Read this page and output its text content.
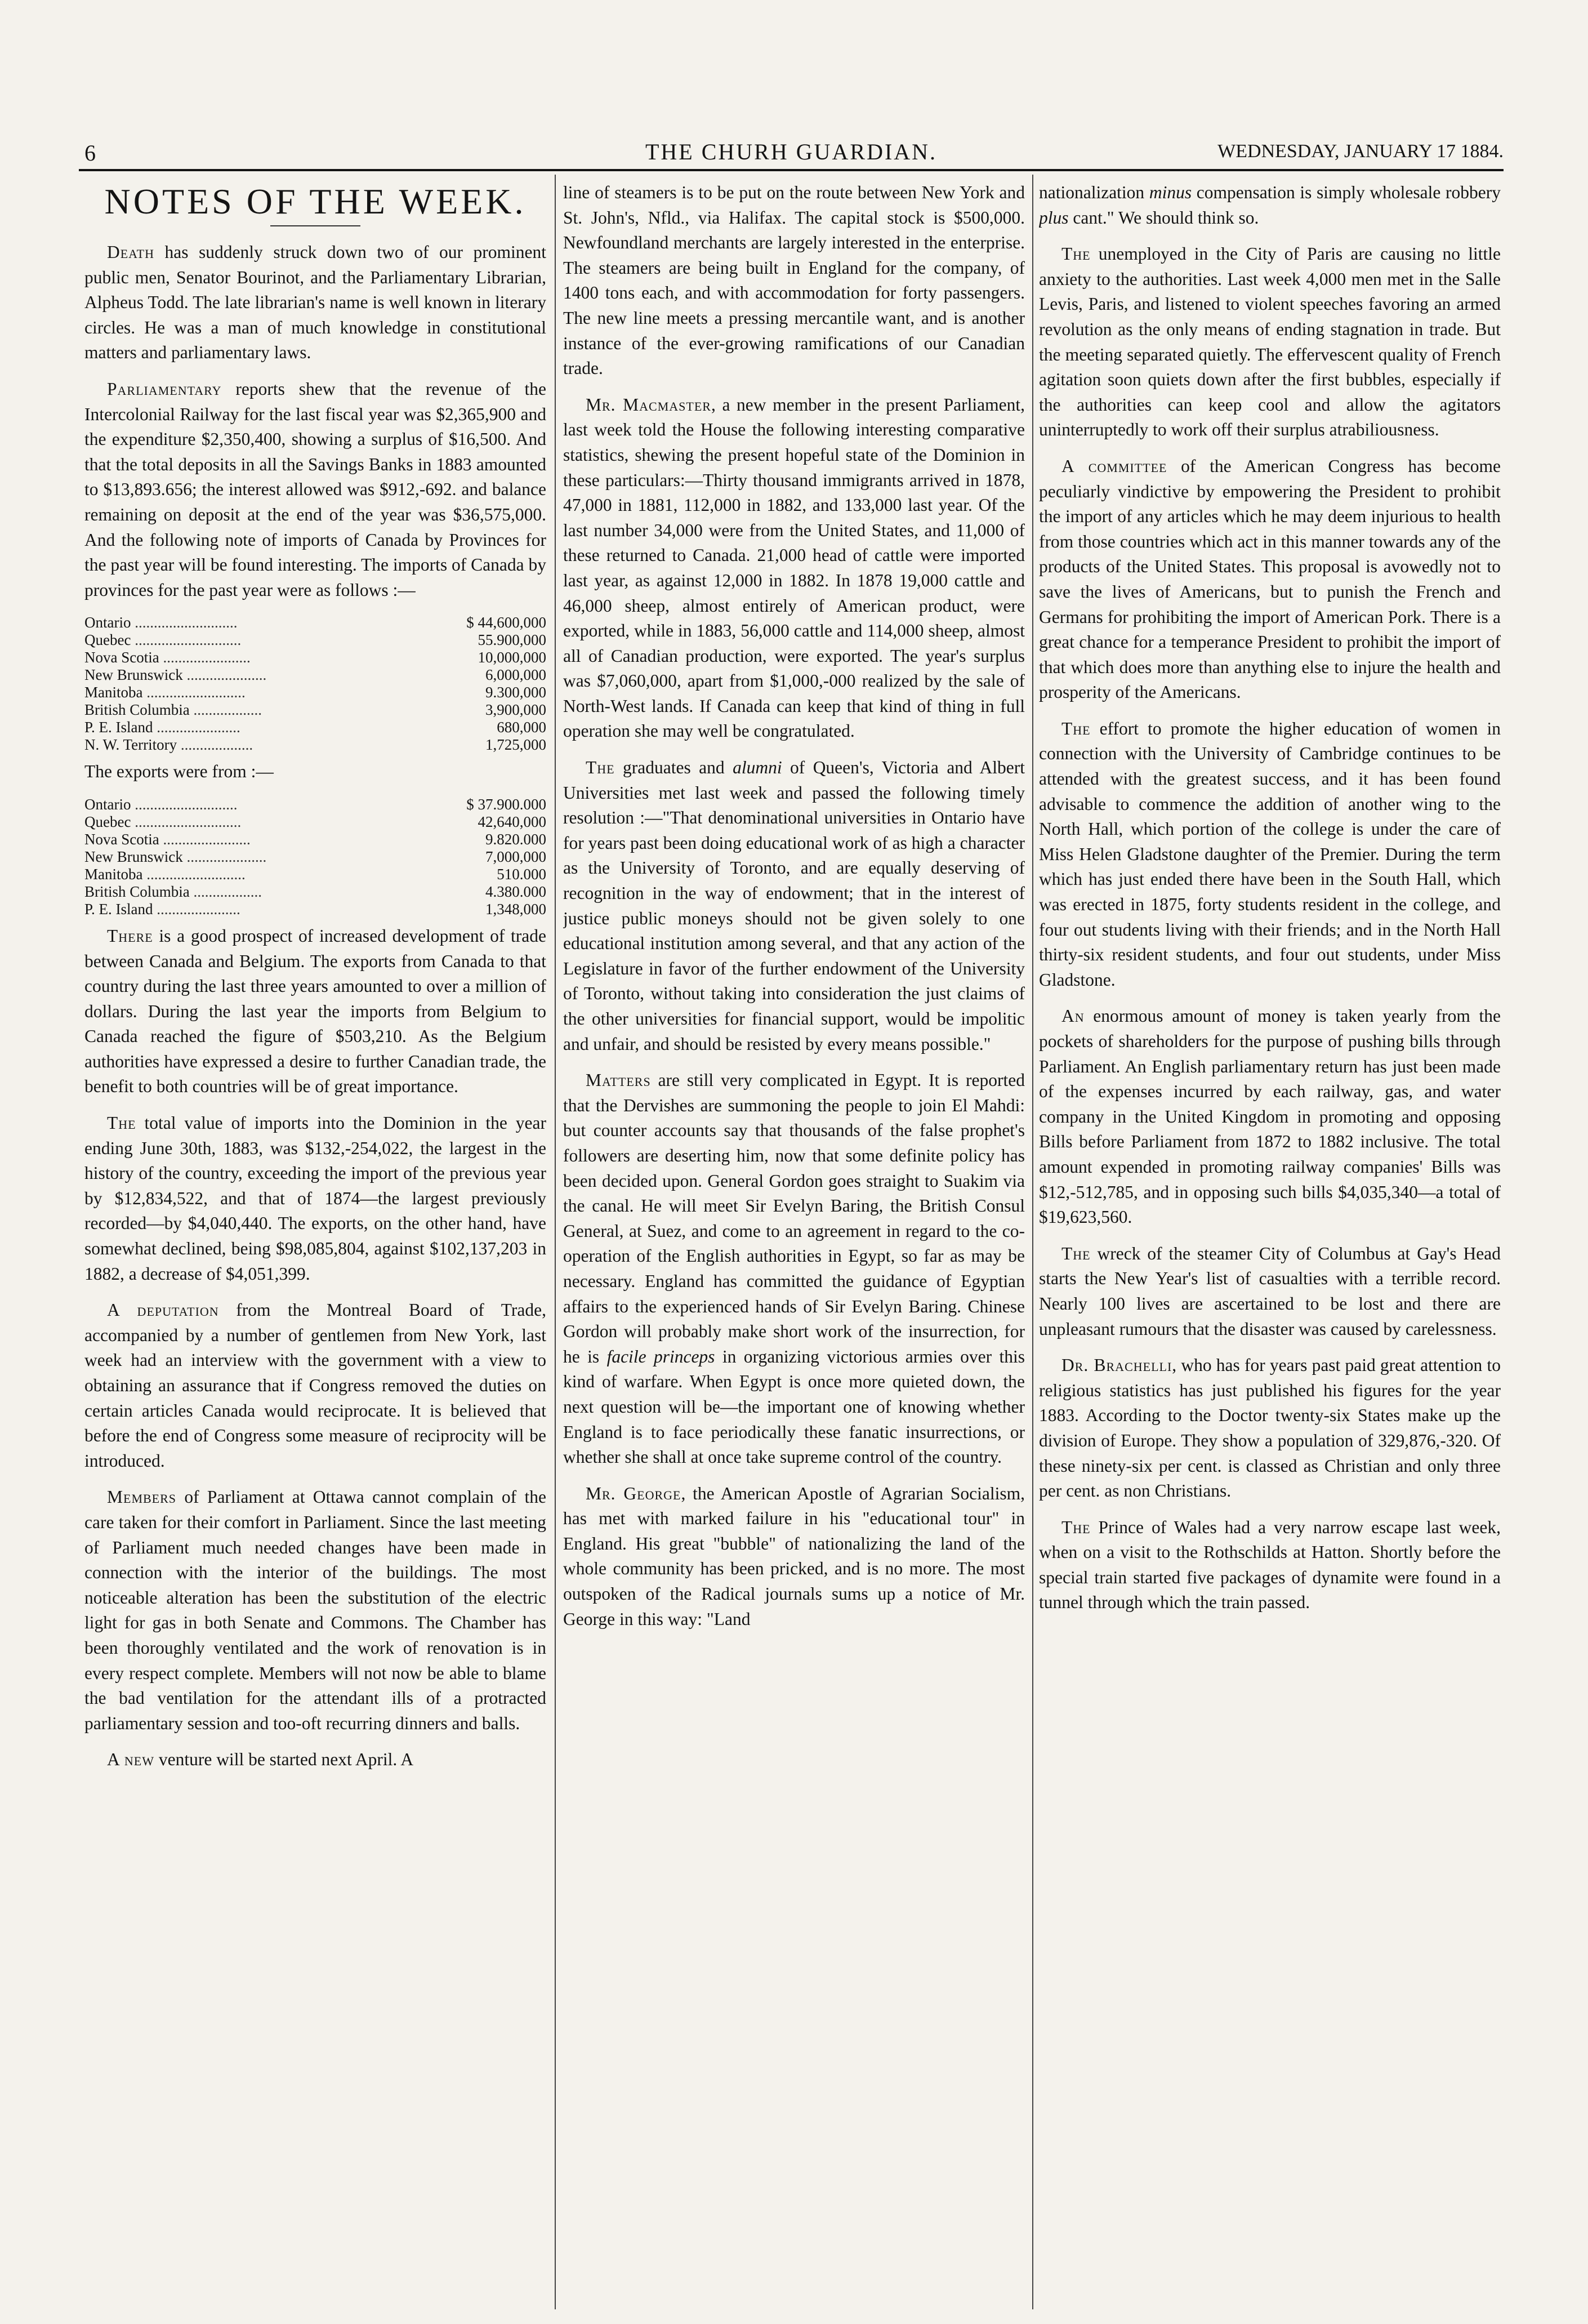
6	THE CHURH GUARDIAN.	WEDNESDAY, JANUARY 17 1884.
NOTES OF THE WEEK.

Death has suddenly struck down two of our prominent public men, Senator Bourinot, and the Parliamentary Librarian, Alpheus Todd. The late librarian's name is well known in literary circles. He was a man of much knowledge in constitutional matters and parliamentary laws.

Parliamentary reports shew that the revenue of the Intercolonial Railway for the last fiscal year was $2,365,900 and the expenditure $2,350,400, showing a surplus of $16,500. And that the total deposits in all the Savings Banks in 1883 amounted to $13,893.656; the interest allowed was $912,-692. and balance remaining on deposit at the end of the year was $36,575,000. And the following note of imports of Canada by Provinces for the past year will be found interesting. The imports of Canada by provinces for the past year were as follows :—

Ontario ...........................	$ 44,600,000
Quebec ............................	55.900,000
Nova Scotia .......................	10,000,000
New Brunswick .....................	6,000,000
Manitoba ..........................	9.300,000
British Columbia ..................	3,900,000
P. E. Island ......................	680,000
N. W. Territory ...................	1,725,000

The exports were from :—

Ontario ...........................	$ 37.900.000
Quebec ............................	42,640,000
Nova Scotia .......................	9.820.000
New Brunswick .....................	7,000,000
Manitoba ..........................	510.000
British Columbia ..................	4.380.000
P. E. Island ......................	1,348,000

There is a good prospect of increased development of trade between Canada and Belgium. The exports from Canada to that country during the last three years amounted to over a million of dollars. During the last year the imports from Belgium to Canada reached the figure of $503,210. As the Belgium authorities have expressed a desire to further Canadian trade, the benefit to both countries will be of great importance.

The total value of imports into the Dominion in the year ending June 30th, 1883, was $132,-254,022, the largest in the history of the country, exceeding the import of the previous year by $12,834,522, and that of 1874—the largest previously recorded—by $4,040,440. The exports, on the other hand, have somewhat declined, being $98,085,804, against $102,137,203 in 1882, a decrease of $4,051,399.

A deputation from the Montreal Board of Trade, accompanied by a number of gentlemen from New York, last week had an interview with the government with a view to obtaining an assurance that if Congress removed the duties on certain articles Canada would reciprocate. It is believed that before the end of Congress some measure of reciprocity will be introduced.

Members of Parliament at Ottawa cannot complain of the care taken for their comfort in Parliament. Since the last meeting of Parliament much needed changes have been made in connection with the interior of the buildings. The most noticeable alteration has been the substitution of the electric light for gas in both Senate and Commons. The Chamber has been thoroughly ventilated and the work of renovation is in every respect complete. Members will not now be able to blame the bad ventilation for the attendant ills of a protracted parliamentary session and too-oft recurring dinners and balls.

A new venture will be started next April. A

line of steamers is to be put on the route between New York and St. John's, Nfld., via Halifax. The capital stock is $500,000. Newfoundland merchants are largely interested in the enterprise. The steamers are being built in England for the company, of 1400 tons each, and with accommodation for forty passengers. The new line meets a pressing mercantile want, and is another instance of the ever-growing ramifications of our Canadian trade.

Mr. Macmaster, a new member in the present Parliament, last week told the House the following interesting comparative statistics, shewing the present hopeful state of the Dominion in these particulars:—Thirty thousand immigrants arrived in 1878, 47,000 in 1881, 112,000 in 1882, and 133,000 last year. Of the last number 34,000 were from the United States, and 11,000 of these returned to Canada. 21,000 head of cattle were imported last year, as against 12,000 in 1882. In 1878 19,000 cattle and 46,000 sheep, almost entirely of American product, were exported, while in 1883, 56,000 cattle and 114,000 sheep, almost all of Canadian production, were exported. The year's surplus was $7,060,000, apart from $1,000,-000 realized by the sale of North-West lands. If Canada can keep that kind of thing in full operation she may well be congratulated.

The graduates and alumni of Queen's, Victoria and Albert Universities met last week and passed the following timely resolution :—"That denominational universities in Ontario have for years past been doing educational work of as high a character as the University of Toronto, and are equally deserving of recognition in the way of endowment; that in the interest of justice public moneys should not be given solely to one educational institution among several, and that any action of the Legislature in favor of the further endowment of the University of Toronto, without taking into consideration the just claims of the other universities for financial support, would be impolitic and unfair, and should be resisted by every means possible."

Matters are still very complicated in Egypt. It is reported that the Dervishes are summoning the people to join El Mahdi: but counter accounts say that thousands of the false prophet's followers are deserting him, now that some definite policy has been decided upon. General Gordon goes straight to Suakim via the canal. He will meet Sir Evelyn Baring, the British Consul General, at Suez, and come to an agreement in regard to the co-operation of the English authorities in Egypt, so far as may be necessary. England has committed the guidance of Egyptian affairs to the experienced hands of Sir Evelyn Baring. Chinese Gordon will probably make short work of the insurrection, for he is facile princeps in organizing victorious armies over this kind of warfare. When Egypt is once more quieted down, the next question will be—the important one of knowing whether England is to face periodically these fanatic insurrections, or whether she shall at once take supreme control of the country.

Mr. George, the American Apostle of Agrarian Socialism, has met with marked failure in his "educational tour" in England. His great "bubble" of nationalizing the land of the whole community has been pricked, and is no more. The most outspoken of the Radical journals sums up a notice of Mr. George in this way: "Land

nationalization minus compensation is simply wholesale robbery plus cant." We should think so.

The unemployed in the City of Paris are causing no little anxiety to the authorities. Last week 4,000 men met in the Salle Levis, Paris, and listened to violent speeches favoring an armed revolution as the only means of ending stagnation in trade. But the meeting separated quietly. The effervescent quality of French agitation soon quiets down after the first bubbles, especially if the authorities can keep cool and allow the agitators uninterruptedly to work off their surplus atrabiliousness.

A committee of the American Congress has become peculiarly vindictive by empowering the President to prohibit the import of any articles which he may deem injurious to health from those countries which act in this manner towards any of the products of the United States. This proposal is avowedly not to save the lives of Americans, but to punish the French and Germans for prohibiting the import of American Pork. There is a great chance for a temperance President to prohibit the import of that which does more than anything else to injure the health and prosperity of the Americans.

The effort to promote the higher education of women in connection with the University of Cambridge continues to be attended with the greatest success, and it has been found advisable to commence the addition of another wing to the North Hall, which portion of the college is under the care of Miss Helen Gladstone daughter of the Premier. During the term which has just ended there have been in the South Hall, which was erected in 1875, forty students resident in the college, and four out students living with their friends; and in the North Hall thirty-six resident students, and four out students, under Miss Gladstone.

An enormous amount of money is taken yearly from the pockets of shareholders for the purpose of pushing bills through Parliament. An English parliamentary return has just been made of the expenses incurred by each railway, gas, and water company in the United Kingdom in promoting and opposing Bills before Parliament from 1872 to 1882 inclusive. The total amount expended in promoting railway companies' Bills was $12,-512,785, and in opposing such bills $4,035,340—a total of $19,623,560.

The wreck of the steamer City of Columbus at Gay's Head starts the New Year's list of casualties with a terrible record. Nearly 100 lives are ascertained to be lost and there are unpleasant rumours that the disaster was caused by carelessness.

Dr. Brachelli, who has for years past paid great attention to religious statistics has just published his figures for the year 1883. According to the Doctor twenty-six States make up the division of Europe. They show a population of 329,876,-320. Of these ninety-six per cent. is classed as Christian and only three per cent. as non Christians.

The Prince of Wales had a very narrow escape last week, when on a visit to the Rothschilds at Hatton. Shortly before the special train started five packages of dynamite were found in a tunnel through which the train passed.
